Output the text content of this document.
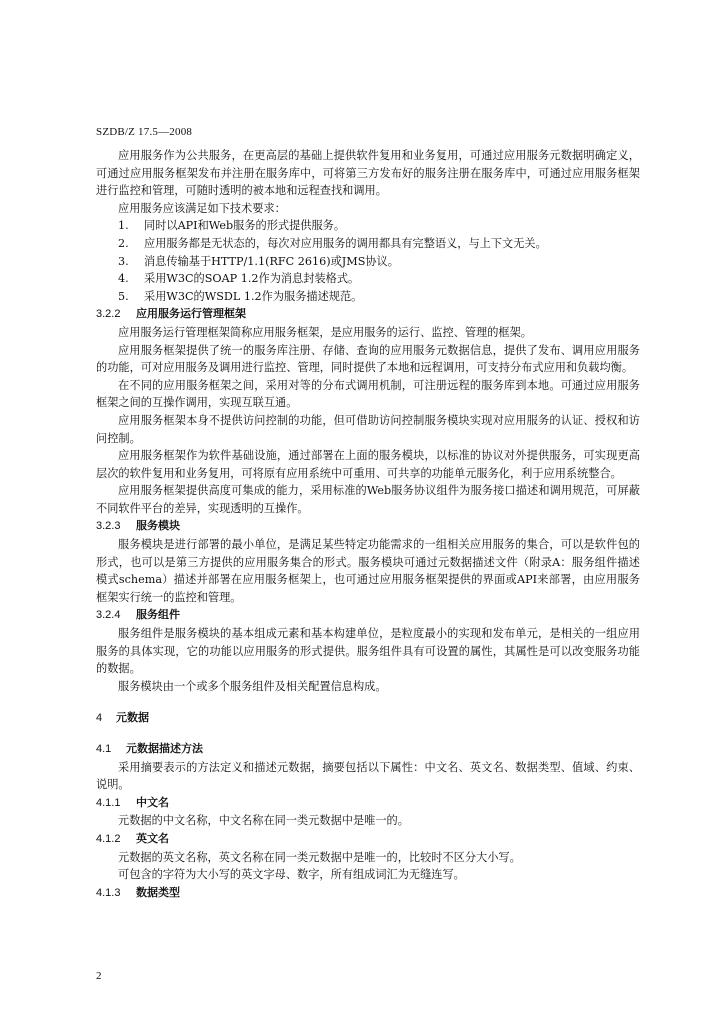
SZDB/Z 17.5—2008

应用服务作为公共服务，在更高层的基础上提供软件复用和业务复用，可通过应用服务元数据明确定义，可通过应用服务框架发布并注册在服务库中，可将第三方发布好的服务注册在服务库中，可通过应用服务框架进行监控和管理，可随时透明的被本地和远程查找和调用。

应用服务应该满足如下技术要求：

1. 同时以API和Web服务的形式提供服务。

2. 应用服务都是无状态的，每次对应用服务的调用都具有完整语义，与上下文无关。

3. 消息传输基于HTTP/1.1(RFC 2616)或JMS协议。

4. 采用W3C的SOAP 1.2作为消息封装格式。

5. 采用W3C的WSDL 1.2作为服务描述规范。

3.2.2 应用服务运行管理框架

应用服务运行管理框架简称应用服务框架，是应用服务的运行、监控、管理的框架。

应用服务框架提供了统一的服务库注册、存储、查询的应用服务元数据信息，提供了发布、调用应用服务的功能，可对应用服务及调用进行监控、管理，同时提供了本地和远程调用，可支持分布式应用和负载均衡。

在不同的应用服务框架之间，采用对等的分布式调用机制，可注册远程的服务库到本地。可通过应用服务框架之间的互操作调用，实现互联互通。

应用服务框架本身不提供访问控制的功能，但可借助访问控制服务模块实现对应用服务的认证、授权和访问控制。

应用服务框架作为软件基础设施，通过部署在上面的服务模块，以标准的协议对外提供服务，可实现更高层次的软件复用和业务复用，可将原有应用系统中可重用、可共享的功能单元服务化，利于应用系统整合。

应用服务框架提供高度可集成的能力，采用标准的Web服务协议组件为服务接口描述和调用规范，可屏蔽不同软件平台的差异，实现透明的互操作。

3.2.3 服务模块

服务模块是进行部署的最小单位，是满足某些特定功能需求的一组相关应用服务的集合，可以是软件包的形式，也可以是第三方提供的应用服务集合的形式。服务模块可通过元数据描述文件（附录A：服务组件描述模式schema）描述并部署在应用服务框架上，也可通过应用服务框架提供的界面或API来部署，由应用服务框架实行统一的监控和管理。

3.2.4 服务组件

服务组件是服务模块的基本组成元素和基本构建单位，是粒度最小的实现和发布单元，是相关的一组应用服务的具体实现，它的功能以应用服务的形式提供。服务组件具有可设置的属性，其属性是可以改变服务功能的数据。

服务模块由一个或多个服务组件及相关配置信息构成。

4 元数据

4.1 元数据描述方法

采用摘要表示的方法定义和描述元数据，摘要包括以下属性：中文名、英文名、数据类型、值域、约束、说明。

4.1.1 中文名

元数据的中文名称，中文名称在同一类元数据中是唯一的。

4.1.2 英文名

元数据的英文名称，英文名称在同一类元数据中是唯一的，比较时不区分大小写。

可包含的字符为大小写的英文字母、数字，所有组成词汇为无缝连写。

4.1.3 数据类型

2
